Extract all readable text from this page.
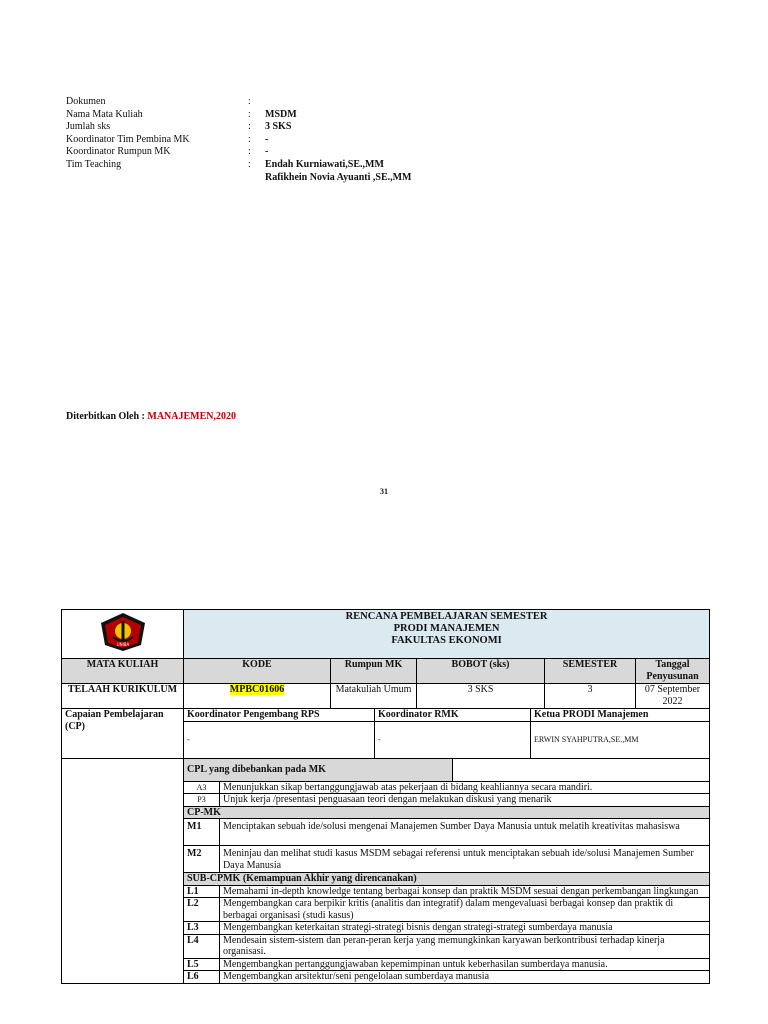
Dokumen	:
Nama Mata Kuliah	:	MSDM
Jumlah sks	:	3 SKS
Koordinator Tim Pembina MK	:	-
Koordinator Rumpun MK	:	-
Tim Teaching	:	Endah Kurniawati,SE.,MM
Rafikhein Novia Ayuanti ,SE.,MM
Diterbitkan Oleh : MANAJEMEN,2020
31
UNIBA	RENCANA PEMBELAJARAN SEMESTER
PRODI MANAJEMEN
FAKULTAS EKONOMI				

MATA KULIAH	KODE	Rumpun MK	BOBOT (sks)	SEMESTER	Tanggal Penyusunan
TELAAH KURIKULUM	MPBC01606	Matakuliah Umum	3 SKS	3	07 September 2022
Capaian Pembelajaran (CP)	Koordinator Pengembang RPS	Koordinator RMK	Ketua PRODI Manajemen
	-	-	ERWIN SYAHPUTRA,SE.,MM

CPL yang dibebankan pada MK	

A3	Menunjukkan sikap bertanggungjawab atas pekerjaan di bidang keahliannya secara mandiri.
P3	Unjuk kerja /presentasi penguasaan teori dengan melakukan diskusi yang menarik
CP-MK
M1	Menciptakan sebuah ide/solusi mengenai Manajemen Sumber Daya Manusia untuk melatih kreativitas mahasiswa
M2	Meninjau dan melihat studi kasus MSDM sebagai referensi untuk menciptakan sebuah ide/solusi Manajemen Sumber Daya Manusia
SUB-CPMK (Kemampuan Akhir yang direncanakan)
L1	Memahami in-depth knowledge tentang berbagai konsep dan praktik MSDM sesuai dengan perkembangan lingkungan
L2	Mengembangkan cara berpikir kritis (analitis dan integratif) dalam mengevaluasi berbagai konsep dan praktik di berbagai organisasi (studi kasus)
L3	Mengembangkan keterkaitan strategi-strategi bisnis dengan strategi-strategi sumberdaya manusia
L4	Mendesain sistem-sistem dan peran-peran kerja yang memungkinkan karyawan berkontribusi terhadap kinerja organisasi.
L5	Mengembangkan pertanggungjawaban kepemimpinan untuk keberhasilan sumberdaya manusia.
L6	Mengembangkan arsitektur/seni pengelolaan sumberdaya manusia
